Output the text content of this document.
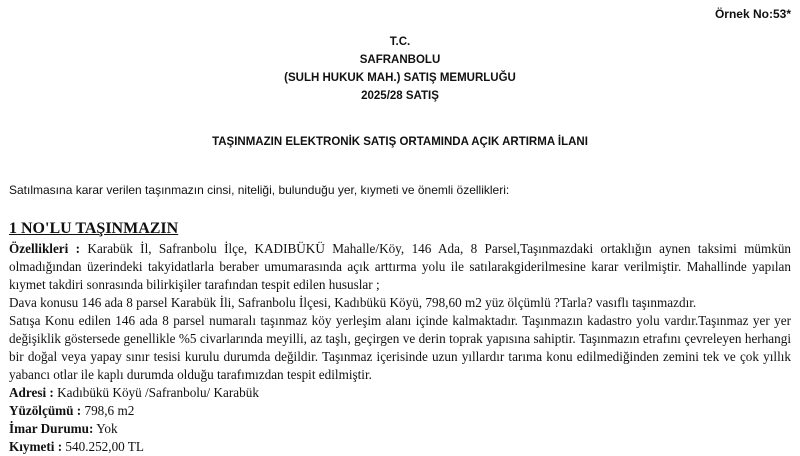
Örnek No:53*
T.C.
SAFRANBOLU
(SULH HUKUK MAH.) SATIŞ MEMURLUĞU
2025/28 SATIŞ
TAŞINMAZIN ELEKTRONİK SATIŞ ORTAMINDA AÇIK ARTIRMA İLANI
Satılmasına karar verilen taşınmazın cinsi, niteliği, bulunduğu yer, kıymeti ve önemli özellikleri:
1 NO'LU TAŞINMAZIN

Özellikleri : Karabük İl, Safranbolu İlçe, KADIBÜKÜ Mahalle/Köy, 146 Ada, 8 Parsel,Taşınmazdaki ortaklığın aynen taksimi mümkün olmadığından üzerindeki takyidatlarla beraber umumarasında açık arttırma yolu ile satılarakgiderilmesine karar verilmiştir. Mahallinde yapılan kıymet takdiri sonrasında bilirkişiler tarafından tespit edilen hususlar ;

Dava konusu 146 ada 8 parsel Karabük İli, Safranbolu İlçesi, Kadıbükü Köyü, 798,60 m2 yüz ölçümlü ?Tarla? vasıflı taşınmazdır.

Satışa Konu edilen 146 ada 8 parsel numaralı taşınmaz köy yerleşim alanı içinde kalmaktadır. Taşınmazın kadastro yolu vardır.Taşınmaz yer yer değişiklik göstersede genellikle %5 civarlarında meyilli, az taşlı, geçirgen ve derin toprak yapısına sahiptir. Taşınmazın etrafını çevreleyen herhangi bir doğal veya yapay sınır tesisi kurulu durumda değildir. Taşınmaz içerisinde uzun yıllardır tarıma konu edilmediğinden zemini tek ve çok yıllık yabancı otlar ile kaplı durumda olduğu tarafımızdan tespit edilmiştir.

Adresi : Kadıbükü Köyü /Safranbolu/ Karabük
Yüzölçümü : 798,6 m2
İmar Durumu: Yok
Kıymeti : 540.252,00 TL
